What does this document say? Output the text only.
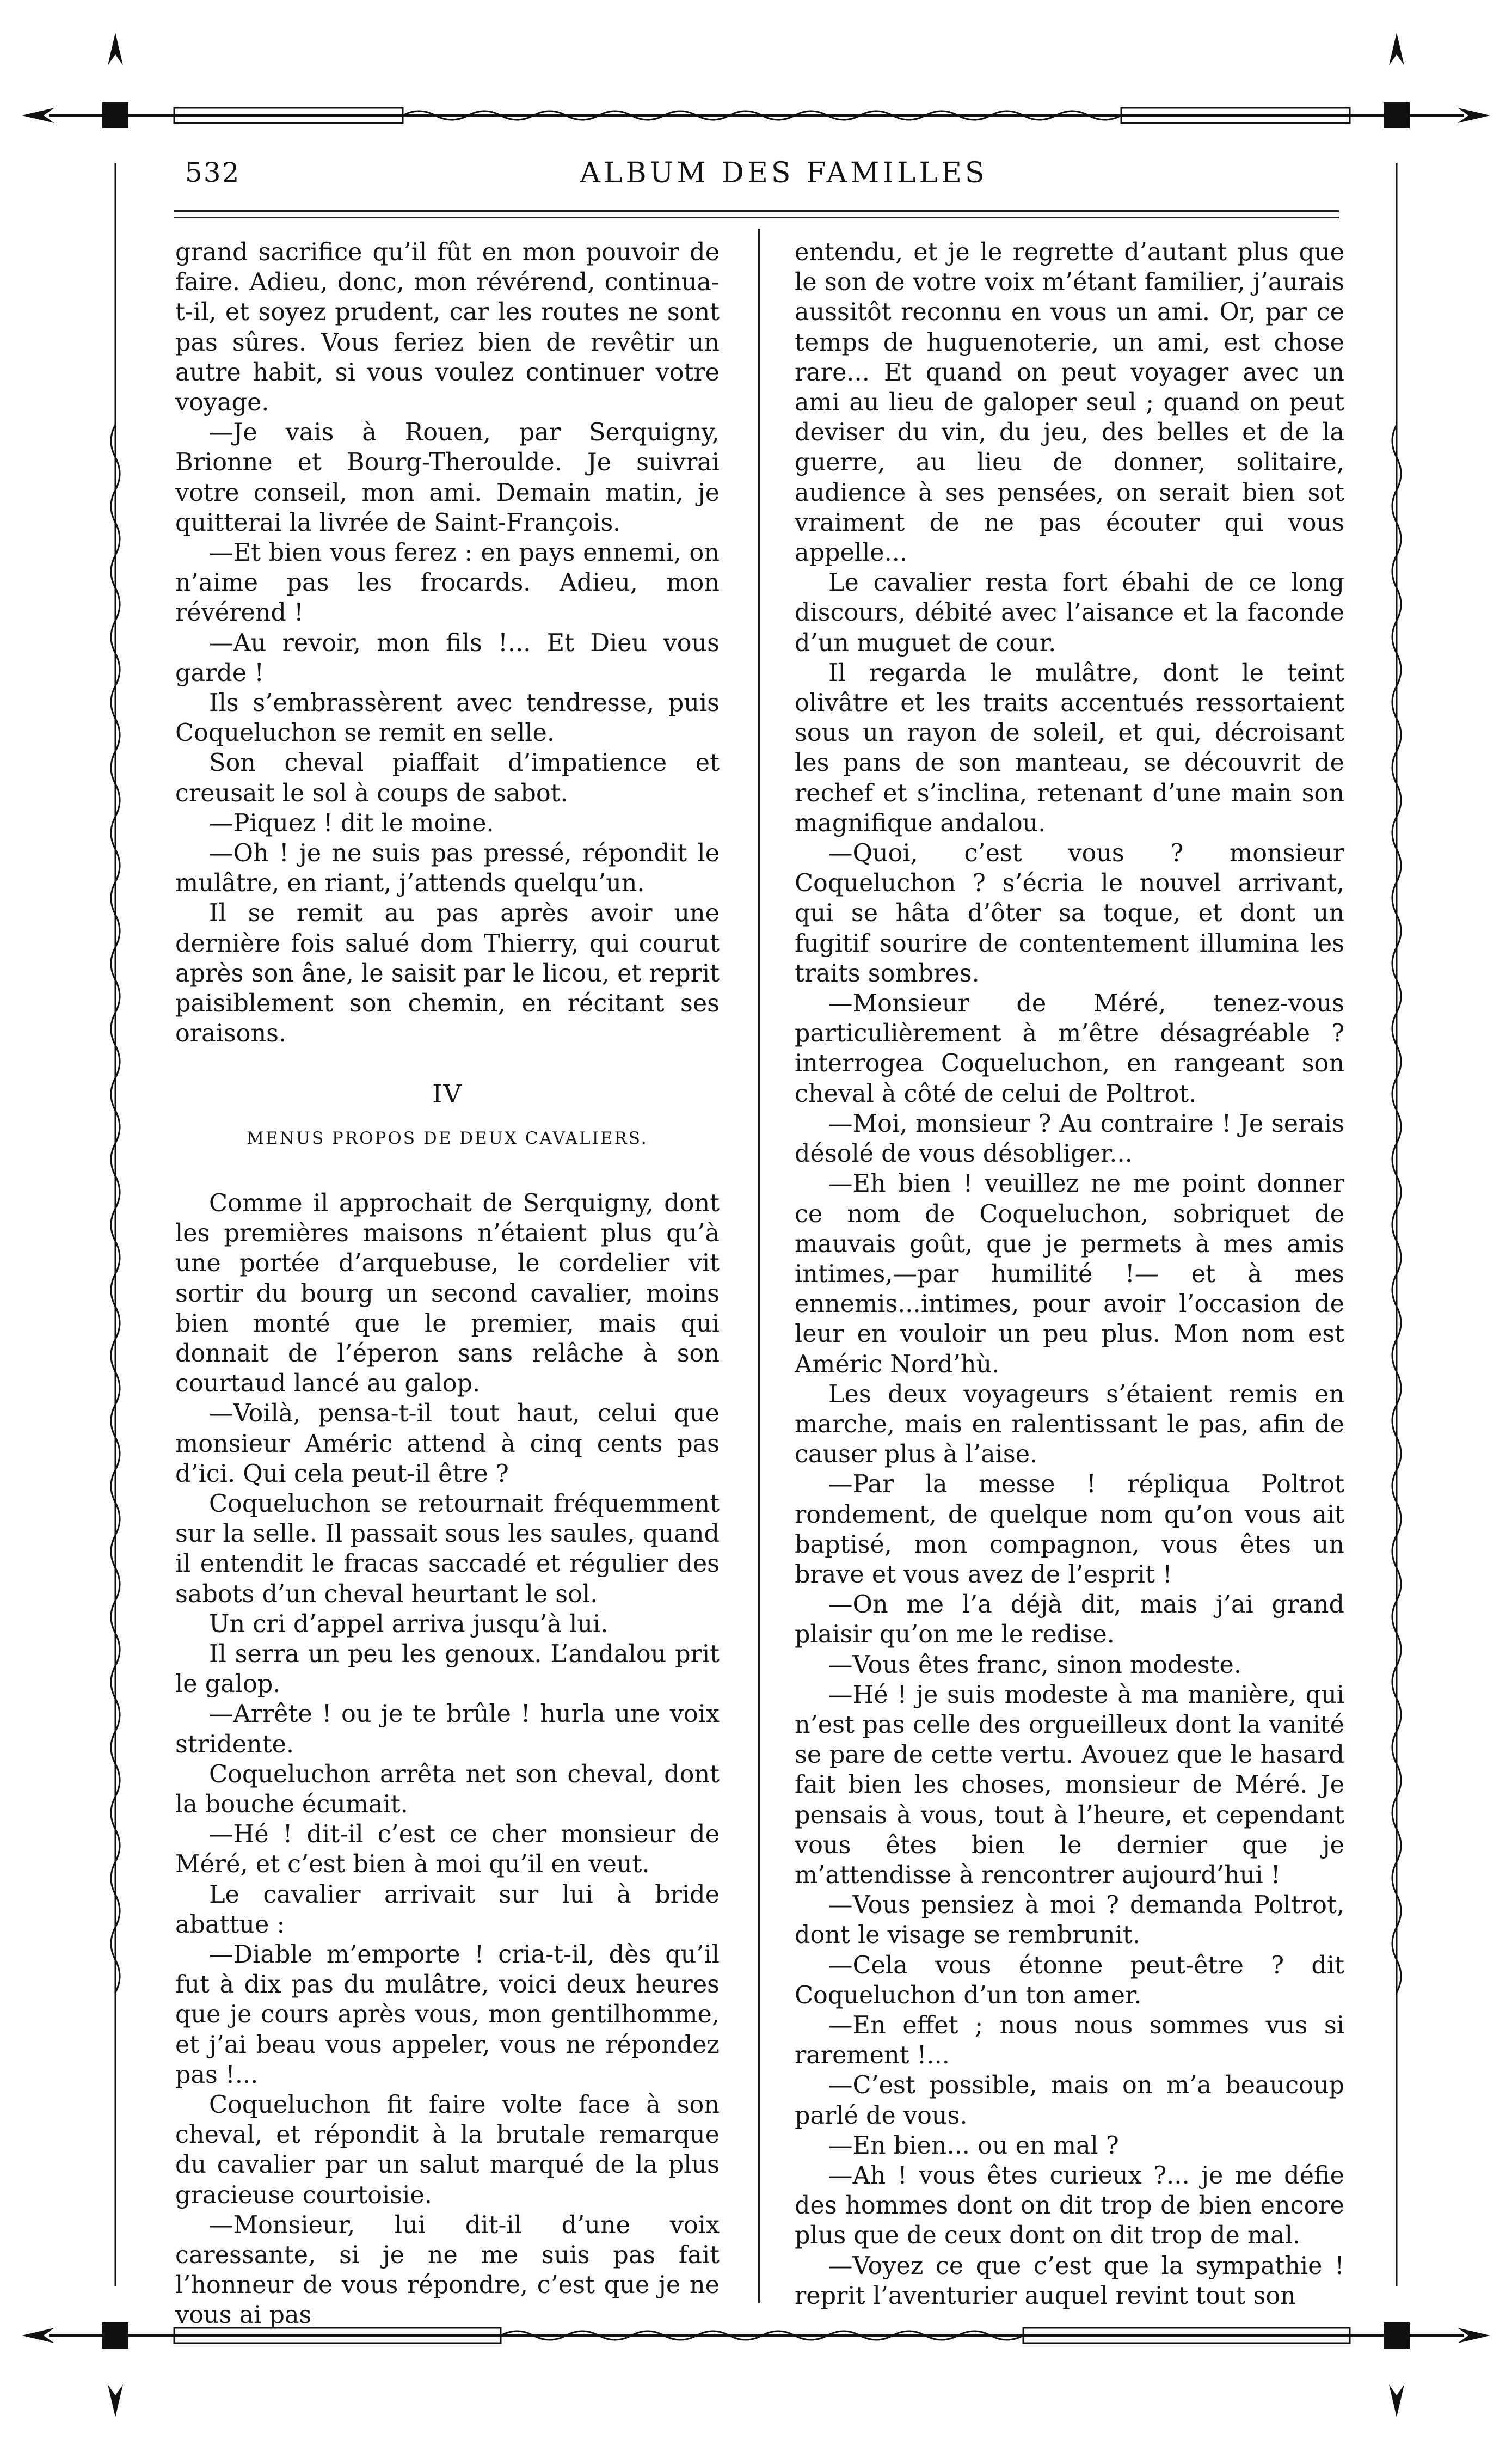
ALBUM DES FAMILLES
532

grand sacrifice qu’il fût en mon pouvoir de faire. Adieu, donc, mon révérend, continua-t-il, et soyez prudent, car les routes ne sont pas sûres. Vous feriez bien de revêtir un autre habit, si vous voulez continuer votre voyage.

—Je vais à Rouen, par Serquigny, Brionne et Bourg-Theroulde. Je suivrai votre conseil, mon ami. Demain matin, je quitterai la livrée de Saint-François.

—Et bien vous ferez : en pays ennemi, on n’aime pas les frocards. Adieu, mon révérend !

—Au revoir, mon fils !... Et Dieu vous garde !

Ils s’embrassèrent avec tendresse, puis Coqueluchon se remit en selle.

Son cheval piaffait d’impatience et creusait le sol à coups de sabot.

—Piquez ! dit le moine.

—Oh ! je ne suis pas pressé, répondit le mulâtre, en riant, j’attends quelqu’un.

Il se remit au pas après avoir une dernière fois salué dom Thierry, qui courut après son âne, le saisit par le licou, et reprit paisiblement son chemin, en récitant ses oraisons.

IV
MENUS PROPOS DE DEUX CAVALIERS.

Comme il approchait de Serquigny, dont les premières maisons n’étaient plus qu’à une portée d’arquebuse, le cordelier vit sortir du bourg un second cavalier, moins bien monté que le premier, mais qui donnait de l’éperon sans relâche à son courtaud lancé au galop.

—Voilà, pensa-t-il tout haut, celui que monsieur Améric attend à cinq cents pas d’ici. Qui cela peut-il être ?

Coqueluchon se retournait fréquemment sur la selle. Il passait sous les saules, quand il entendit le fracas saccadé et régulier des sabots d’un cheval heurtant le sol.

Un cri d’appel arriva jusqu’à lui.

Il serra un peu les genoux. L’andalou prit le galop.

—Arrête ! ou je te brûle ! hurla une voix stridente.

Coqueluchon arrêta net son cheval, dont la bouche écumait.

—Hé ! dit-il c’est ce cher monsieur de Méré, et c’est bien à moi qu’il en veut.

Le cavalier arrivait sur lui à bride abattue :

—Diable m’emporte ! cria-t-il, dès qu’il fut à dix pas du mulâtre, voici deux heures que je cours après vous, mon gentilhomme, et j’ai beau vous appeler, vous ne répondez pas !...

Coqueluchon fit faire volte face à son cheval, et répondit à la brutale remarque du cavalier par un salut marqué de la plus gracieuse courtoisie.

—Monsieur, lui dit-il d’une voix caressante, si je ne me suis pas fait l’honneur de vous répondre, c’est que je ne vous ai pas

entendu, et je le regrette d’autant plus que le son de votre voix m’étant familier, j’aurais aussitôt reconnu en vous un ami. Or, par ce temps de huguenoterie, un ami, est chose rare... Et quand on peut voyager avec un ami au lieu de galoper seul ; quand on peut deviser du vin, du jeu, des belles et de la guerre, au lieu de donner, solitaire, audience à ses pensées, on serait bien sot vraiment de ne pas écouter qui vous appelle...

Le cavalier resta fort ébahi de ce long discours, débité avec l’aisance et la faconde d’un muguet de cour.

Il regarda le mulâtre, dont le teint olivâtre et les traits accentués ressortaient sous un rayon de soleil, et qui, décroisant les pans de son manteau, se découvrit de rechef et s’inclina, retenant d’une main son magnifique andalou.

—Quoi, c’est vous ? monsieur Coqueluchon ? s’écria le nouvel arrivant, qui se hâta d’ôter sa toque, et dont un fugitif sourire de contentement illumina les traits sombres.

—Monsieur de Méré, tenez-vous particulièrement à m’être désagréable ? interrogea Coqueluchon, en rangeant son cheval à côté de celui de Poltrot.

—Moi, monsieur ? Au contraire ! Je serais désolé de vous désobliger...

—Eh bien ! veuillez ne me point donner ce nom de Coqueluchon, sobriquet de mauvais goût, que je permets à mes amis intimes,—par humilité !— et à mes ennemis...intimes, pour avoir l’occasion de leur en vouloir un peu plus. Mon nom est Améric Nord’hù.

Les deux voyageurs s’étaient remis en marche, mais en ralentissant le pas, afin de causer plus à l’aise.

—Par la messe ! répliqua Poltrot rondement, de quelque nom qu’on vous ait baptisé, mon compagnon, vous êtes un brave et vous avez de l’esprit !

—On me l’a déjà dit, mais j’ai grand plaisir qu’on me le redise.

—Vous êtes franc, sinon modeste.

—Hé ! je suis modeste à ma manière, qui n’est pas celle des orgueilleux dont la vanité se pare de cette vertu. Avouez que le hasard fait bien les choses, monsieur de Méré. Je pensais à vous, tout à l’heure, et cependant vous êtes bien le dernier que je m’attendisse à rencontrer aujourd’hui !

—Vous pensiez à moi ? demanda Poltrot, dont le visage se rembrunit.

—Cela vous étonne peut-être ? dit Coqueluchon d’un ton amer.

—En effet ; nous nous sommes vus si rarement !...

—C’est possible, mais on m’a beaucoup parlé de vous.

—En bien... ou en mal ?

—Ah ! vous êtes curieux ?... je me défie des hommes dont on dit trop de bien encore plus que de ceux dont on dit trop de mal.

—Voyez ce que c’est que la sympathie ! reprit l’aventurier auquel revint tout son
